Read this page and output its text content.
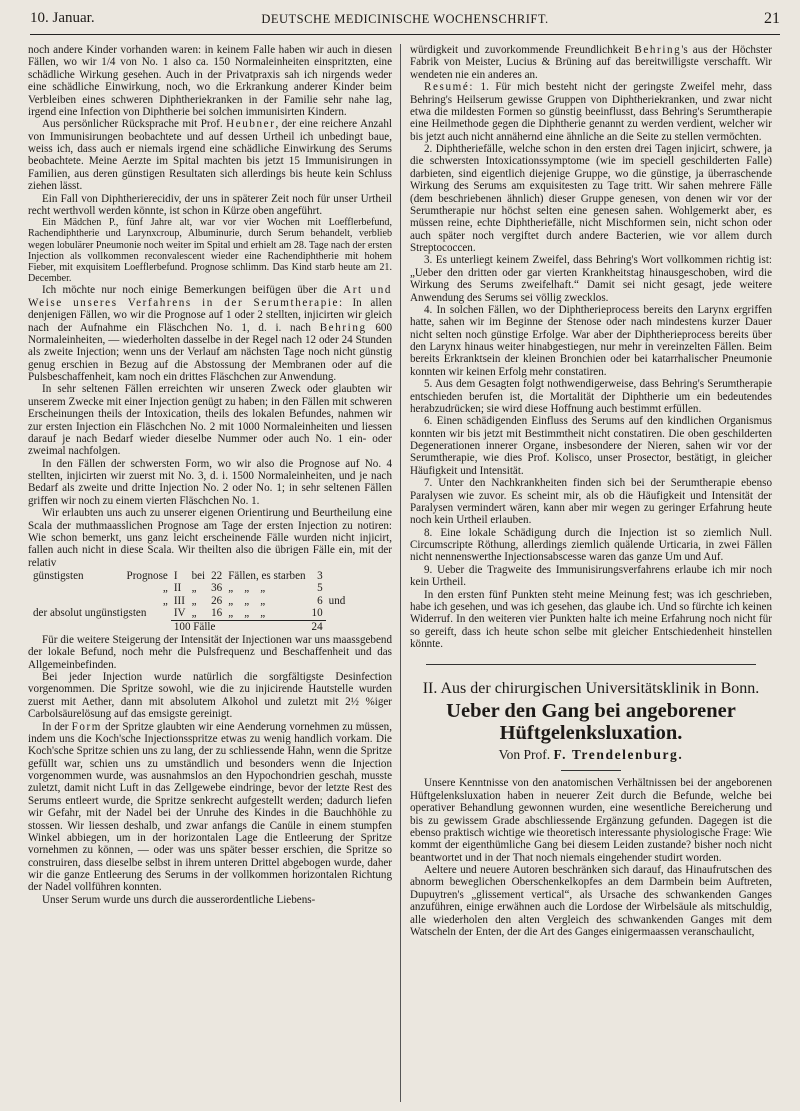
10. Januar.	DEUTSCHE MEDICINISCHE WOCHENSCHRIFT.	21

noch andere Kinder vorhanden waren: in keinem Falle haben wir auch in diesen Fällen, wo wir 1/4 von No. 1 also ca. 150 Normaleinheiten einspritzten, eine schädliche Wirkung gesehen. Auch in der Privatpraxis sah ich nirgends weder eine schädliche Einwirkung, noch, wo die Erkrankung anderer Kinder beim Verbleiben eines schweren Diphtheriekranken in der Familie sehr nahe lag, irgend eine Infection von Diphtherie bei solchen immunisirten Kindern.

Aus persönlicher Rücksprache mit Prof. Heubner, der eine reichere Anzahl von Immunisirungen beobachtete und auf dessen Urtheil ich unbedingt baue, weiss ich, dass auch er niemals irgend eine schädliche Einwirkung des Serums beobachtete. Meine Aerzte im Spital machten bis jetzt 15 Immunisirungen in Familien, aus deren günstigen Resultaten sich allerdings bis heute kein Schluss ziehen lässt.

Ein Fall von Diphtherierecidiv, der uns in späterer Zeit noch für unser Urtheil recht werthvoll werden könnte, ist schon in Kürze oben angeführt.

Ein Mädchen P., fünf Jahre alt, war vor vier Wochen mit Loefflerbefund, Rachendiphtherie und Larynxcroup, Albuminurie, durch Serum behandelt, verblieb wegen lobulärer Pneumonie noch weiter im Spital und erhielt am 28. Tage nach der ersten Injection als vollkommen reconvalescent wieder eine Rachendiphtherie mit hohem Fieber, mit exquisitem Loefflerbefund. Prognose schlimm. Das Kind starb heute am 21. December.

Ich möchte nur noch einige Bemerkungen beifügen über die Art und Weise unseres Verfahrens in der Serumtherapie: In allen denjenigen Fällen, wo wir die Prognose auf 1 oder 2 stellten, injicirten wir gleich nach der Aufnahme ein Fläschchen No. 1, d. i. nach Behring 600 Normaleinheiten, — wiederholten dasselbe in der Regel nach 12 oder 24 Stunden als zweite Injection; wenn uns der Verlauf am nächsten Tage noch nicht günstig genug erschien in Bezug auf die Abstossung der Membranen oder auf die Pulsbeschaffenheit, kam noch ein drittes Fläschchen zur Anwendung.

In sehr seltenen Fällen erreichten wir unseren Zweck oder glaubten wir unserem Zwecke mit einer Injection genügt zu haben; in den Fällen mit schweren Erscheinungen theils der Intoxication, theils des lokalen Befundes, nahmen wir zur ersten Injection ein Fläschchen No. 2 mit 1000 Normaleinheiten und liessen darauf je nach Bedarf wieder dieselbe Nummer oder auch No. 1 ein- oder zweimal nachfolgen.

In den Fällen der schwersten Form, wo wir also die Prognose auf No. 4 stellten, injicirten wir zuerst mit No. 3, d. i. 1500 Normaleinheiten, und je nach Bedarf als zweite und dritte Injection No. 2 oder No. 1; in sehr seltenen Fällen griffen wir noch zu einem vierten Fläschchen No. 1.

Wir erlaubten uns auch zu unserer eigenen Orientirung und Beurtheilung eine Scala der muthmaasslichen Prognose am Tage der ersten Injection zu notiren: Wie schon bemerkt, uns ganz leicht erscheinende Fälle wurden nicht injicirt, fallen auch nicht in diese Scala. Wir theilten also die übrigen Fälle ein, mit der relativ

günstigsten	Prognose	I	bei	22	Fällen, es starben	3	
	„	II	„	36	„ „ „	5	
	„	III	„	26	„ „ „	6	und
der absolut ungünstigsten		IV	„	16	„ „ „	10	
		100 Fälle				24	

Für die weitere Steigerung der Intensität der Injectionen war uns maassgebend der lokale Befund, noch mehr die Pulsfrequenz und Beschaffenheit und das Allgemeinbefinden.

Bei jeder Injection wurde natürlich die sorgfältigste Desinfection vorgenommen. Die Spritze sowohl, wie die zu injicirende Hautstelle wurden zuerst mit Aether, dann mit absolutem Alkohol und zuletzt mit 2½ %iger Carbolsäurelösung auf das emsigste gereinigt.

In der Form der Spritze glaubten wir eine Aenderung vornehmen zu müssen, indem uns die Koch'sche Injectionsspritze etwas zu wenig handlich vorkam. Die Koch'sche Spritze schien uns zu lang, der zu schliessende Hahn, wenn die Spritze gefüllt war, schien uns zu umständlich und besonders wenn die Injection vorgenommen wurde, was ausnahmslos an den Hypochondrien geschah, musste zuletzt, damit nicht Luft in das Zellgewebe eindringe, bevor der letzte Rest des Serums entleert wurde, die Spritze senkrecht aufgestellt werden; dadurch liefen wir Gefahr, mit der Nadel bei der Unruhe des Kindes in die Bauchhöhle zu stossen. Wir liessen deshalb, und zwar anfangs die Canüle in einem stumpfen Winkel abbiegen, um in der horizontalen Lage die Entleerung der Spritze vornehmen zu können, — oder was uns später besser erschien, die Spritze so construiren, dass dieselbe selbst in ihrem unteren Drittel abgebogen wurde, daher wir die ganze Entleerung des Serums in der vollkommen horizontalen Richtung der Nadel vollführen konnten.

Unser Serum wurde uns durch die ausserordentliche Liebens-

würdigkeit und zuvorkommende Freundlichkeit Behring's aus der Höchster Fabrik von Meister, Lucius & Brüning auf das bereitwilligste verschafft. Wir wendeten nie ein anderes an.

Resumé: 1. Für mich besteht nicht der geringste Zweifel mehr, dass Behring's Heilserum gewisse Gruppen von Diphtheriekranken, und zwar nicht etwa die mildesten Formen so günstig beeinflusst, dass Behring's Serumtherapie eine Heilmethode gegen die Diphtherie genannt zu werden verdient, welcher wir bis jetzt auch nicht annähernd eine ähnliche an die Seite zu stellen vermöchten.

2. Diphtheriefälle, welche schon in den ersten drei Tagen injicirt, schwere, ja die schwersten Intoxicationssymptome (wie im speciell geschilderten Falle) darbieten, sind eigentlich diejenige Gruppe, wo die günstige, ja überraschende Wirkung des Serums am exquisitesten zu Tage tritt. Wir sahen mehrere Fälle (dem beschriebenen ähnlich) dieser Gruppe genesen, von denen wir vor der Serumtherapie nur höchst selten eine genesen sahen. Wohlgemerkt aber, es müssen reine, echte Diphtheriefälle, nicht Mischformen sein, nicht schon oder auch später noch vergiftet durch andere Bacterien, wie vor allem durch Streptococcen.

3. Es unterliegt keinem Zweifel, dass Behring's Wort vollkommen richtig ist: „Ueber den dritten oder gar vierten Krankheitstag hinausgeschoben, wird die Wirkung des Serums zweifelhaft.“ Damit sei nicht gesagt, jede weitere Anwendung des Serums sei völlig zwecklos.

4. In solchen Fällen, wo der Diphtherieprocess bereits den Larynx ergriffen hatte, sahen wir im Beginne der Stenose oder nach mindestens kurzer Dauer nicht selten noch günstige Erfolge. War aber der Diphtherieprocess bereits über den Larynx hinaus weiter hinabgestiegen, nur mehr in vereinzelten Fällen. Beim bereits Erkranktsein der kleinen Bronchien oder bei katarrhalischer Pneumonie konnten wir keinen Erfolg mehr constatiren.

5. Aus dem Gesagten folgt nothwendigerweise, dass Behring's Serumtherapie entschieden berufen ist, die Mortalität der Diphtherie um ein bedeutendes herabzudrücken; sie wird diese Hoffnung auch bestimmt erfüllen.

6. Einen schädigenden Einfluss des Serums auf den kindlichen Organismus konnten wir bis jetzt mit Bestimmtheit nicht constatiren. Die oben geschilderten Degenerationen innerer Organe, insbesondere der Nieren, sahen wir vor der Serumtherapie, wie dies Prof. Kolisco, unser Prosector, bestätigt, in gleicher Häufigkeit und Intensität.

7. Unter den Nachkrankheiten finden sich bei der Serumtherapie ebenso Paralysen wie zuvor. Es scheint mir, als ob die Häufigkeit und Intensität der Paralysen vermindert wären, kann aber mir wegen zu geringer Erfahrung heute noch kein Urtheil erlauben.

8. Eine lokale Schädigung durch die Injection ist so ziemlich Null. Circumscripte Röthung, allerdings ziemlich quälende Urticaria, in zwei Fällen nicht nennenswerthe Injectionsabscesse waren das ganze Um und Auf.

9. Ueber die Tragweite des Immunisirungsverfahrens erlaube ich mir noch kein Urtheil.

In den ersten fünf Punkten steht meine Meinung fest; was ich geschrieben, habe ich gesehen, und was ich gesehen, das glaube ich. Und so fürchte ich keinen Widerruf. In den weiteren vier Punkten halte ich meine Erfahrung noch nicht für so gereift, dass ich heute schon selbe mit gleicher Entschiedenheit hinstellen könnte.

II. Aus der chirurgischen Universitätsklinik in Bonn.

Ueber den Gang bei angeborener Hüftgelenksluxation.

Von Prof. F. Trendelenburg.

Unsere Kenntnisse von den anatomischen Verhältnissen bei der angeborenen Hüftgelenksluxation haben in neuerer Zeit durch die Befunde, welche bei operativer Behandlung gewonnen wurden, eine wesentliche Bereicherung und bis zu gewissem Grade abschliessende Ergänzung gefunden. Dagegen ist die ebenso praktisch wichtige wie theoretisch interessante physiologische Frage: Wie kommt der eigenthümliche Gang bei diesem Leiden zustande? bisher noch nicht beantwortet und in der That noch niemals eingehender studirt worden.

Aeltere und neuere Autoren beschränken sich darauf, das Hinaufrutschen des abnorm beweglichen Oberschenkelkopfes an dem Darmbein beim Auftreten, Dupuytren's „glissement vertical“, als Ursache des schwankenden Ganges anzuführen, einige erwähnen auch die Lordose der Wirbelsäule als mitschuldig, alle wiederholen den alten Vergleich des schwankenden Ganges mit dem Watscheln der Enten, der die Art des Ganges einigermaassen veranschaulicht,
